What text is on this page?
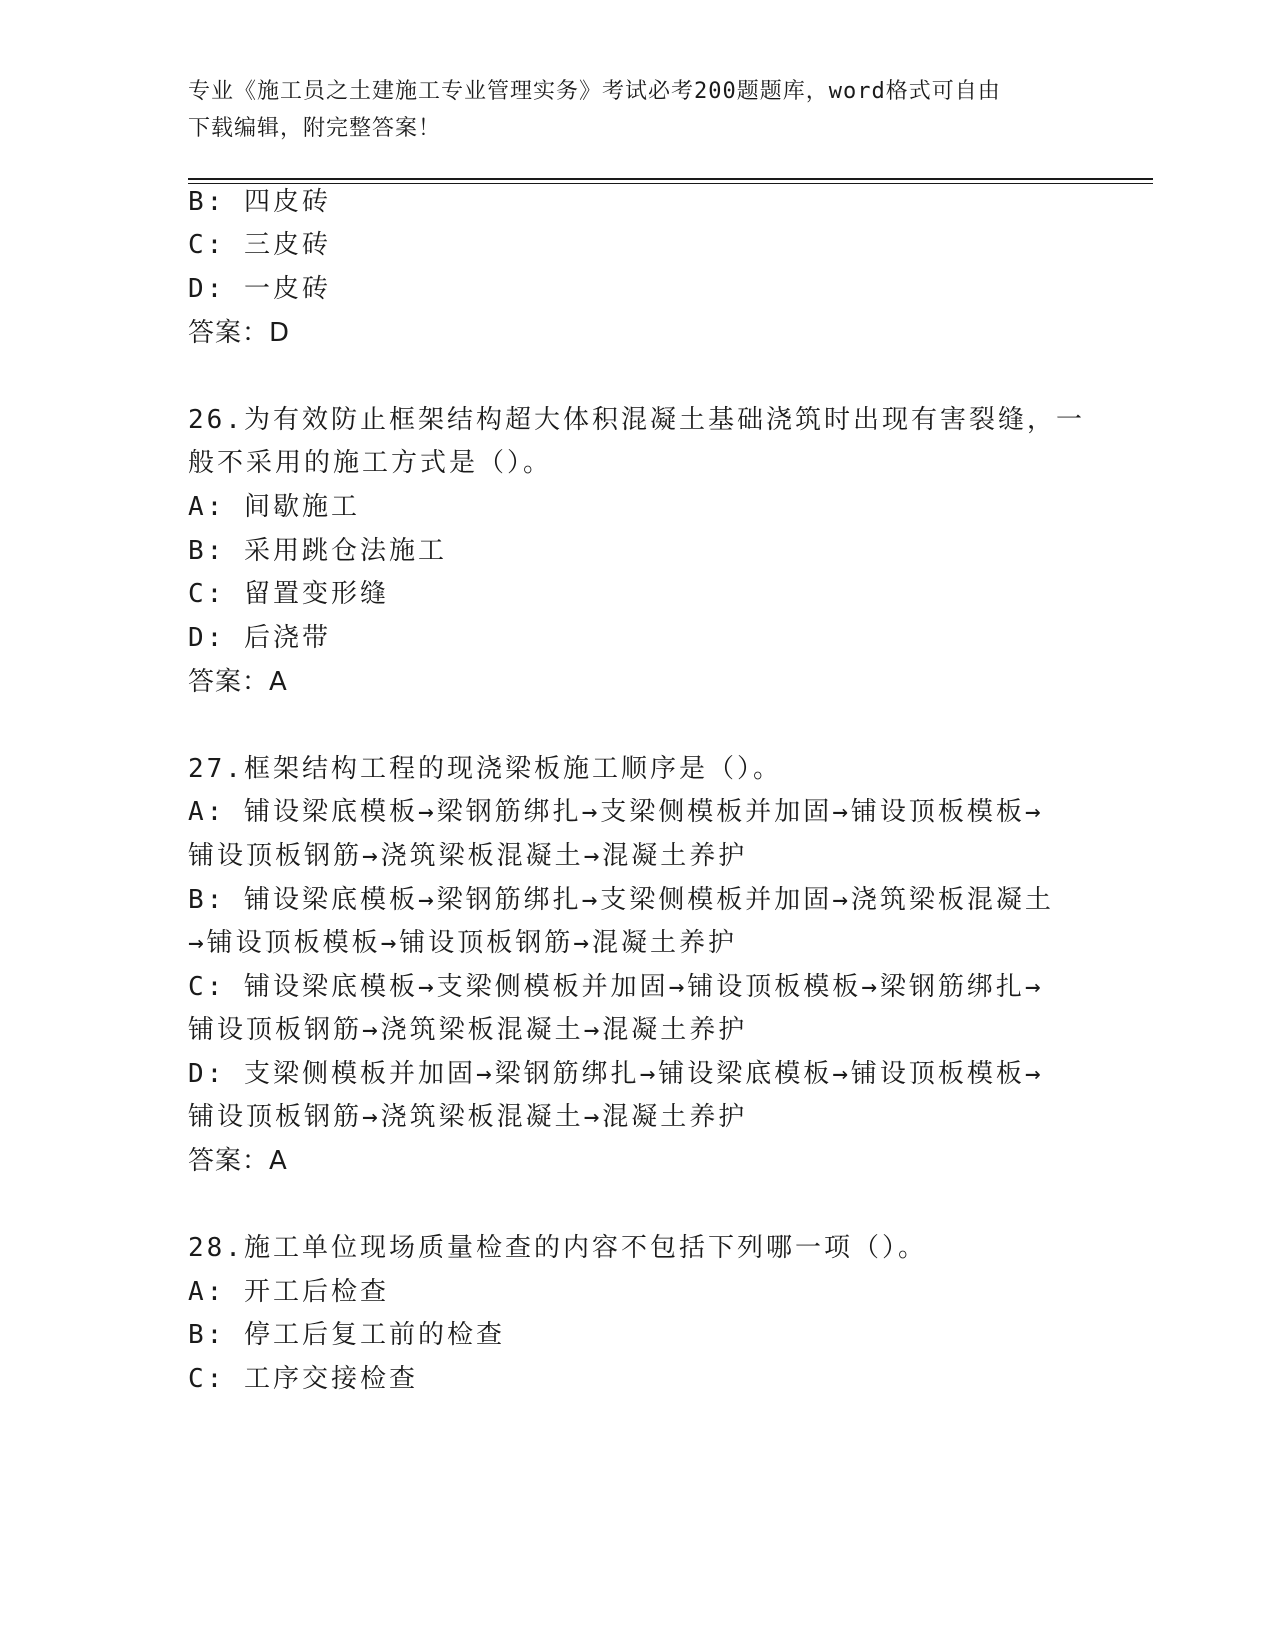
专业《施工员之土建施工专业管理实务》考试必考200题题库，word格式可自由
下载编辑，附完整答案！
B: 四皮砖
C: 三皮砖
D: 一皮砖
答案：D
26.为有效防止框架结构超大体积混凝土基础浇筑时出现有害裂缝，一
般不采用的施工方式是（）。
A: 间歇施工
B: 采用跳仓法施工
C: 留置变形缝
D: 后浇带
答案：A
27.框架结构工程的现浇梁板施工顺序是（）。
A: 铺设梁底模板→梁钢筋绑扎→支梁侧模板并加固→铺设顶板模板→
铺设顶板钢筋→浇筑梁板混凝土→混凝土养护
B: 铺设梁底模板→梁钢筋绑扎→支梁侧模板并加固→浇筑梁板混凝土
→铺设顶板模板→铺设顶板钢筋→混凝土养护
C: 铺设梁底模板→支梁侧模板并加固→铺设顶板模板→梁钢筋绑扎→
铺设顶板钢筋→浇筑梁板混凝土→混凝土养护
D: 支梁侧模板并加固→梁钢筋绑扎→铺设梁底模板→铺设顶板模板→
铺设顶板钢筋→浇筑梁板混凝土→混凝土养护
答案：A
28.施工单位现场质量检查的内容不包括下列哪一项（）。
A: 开工后检查
B: 停工后复工前的检查
C: 工序交接检查
